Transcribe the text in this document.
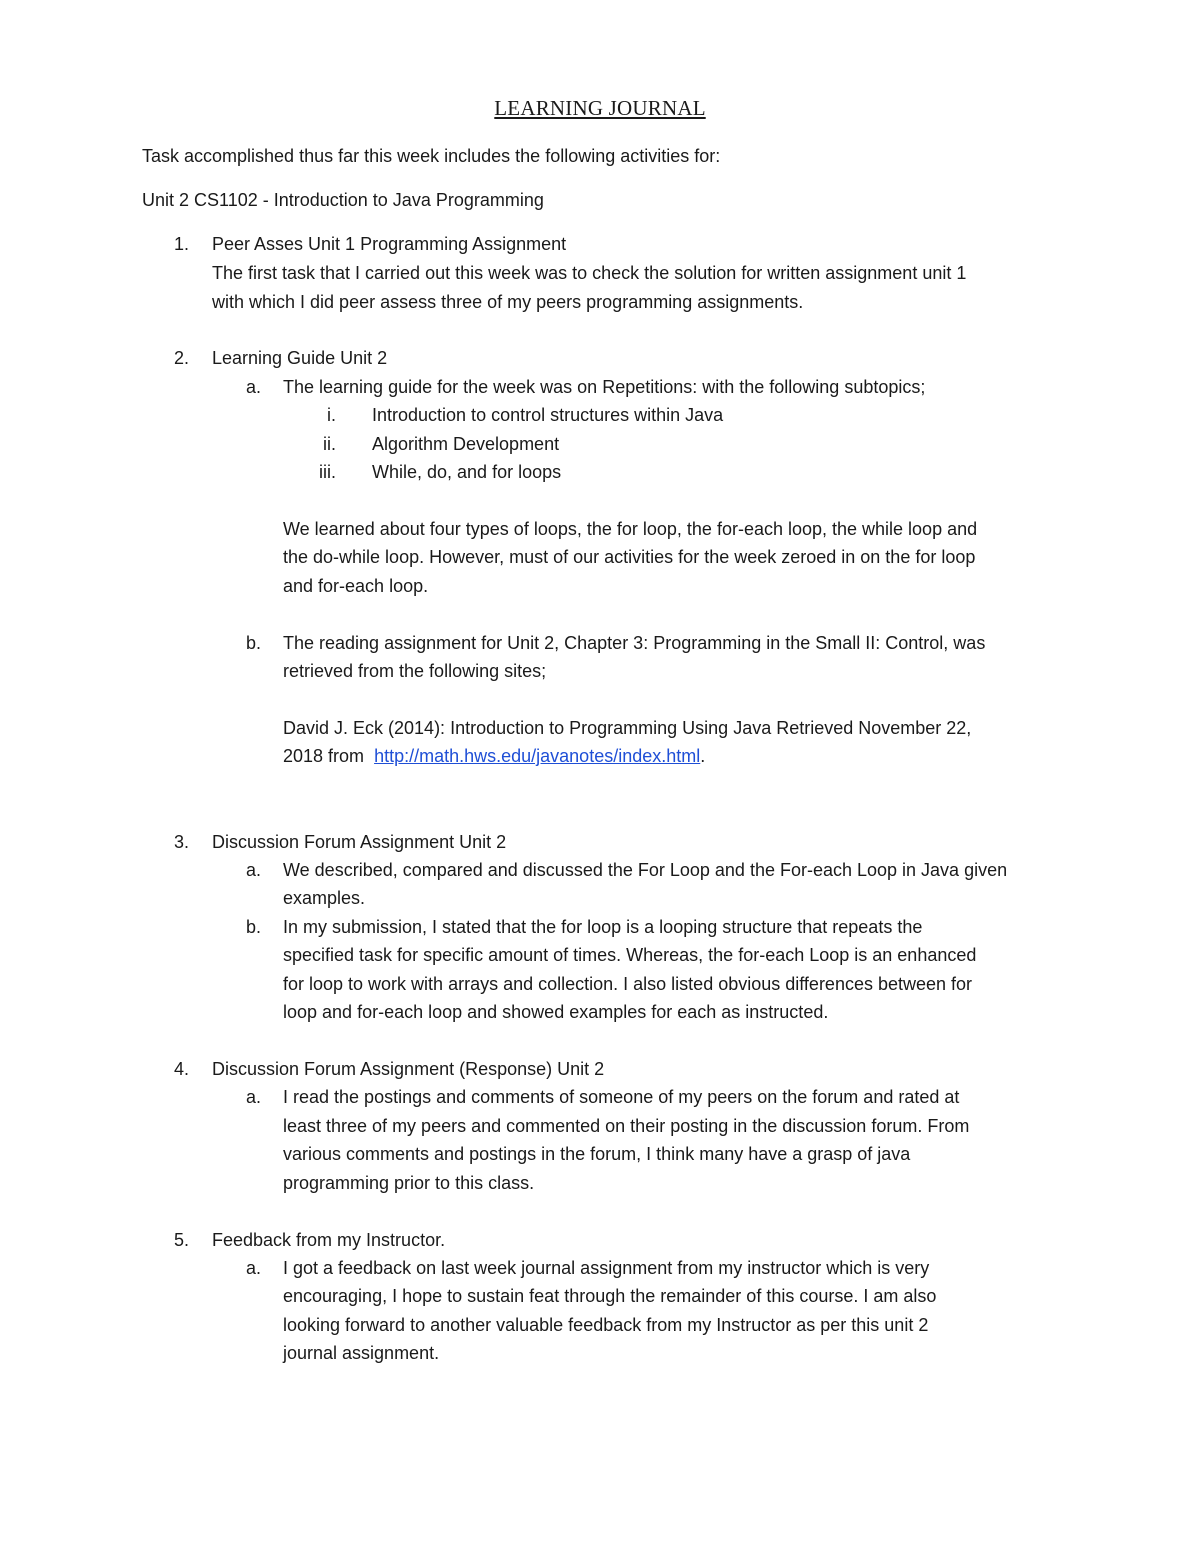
LEARNING JOURNAL
Task accomplished thus far this week includes the following activities for:
Unit 2 CS1102 - Introduction to Java Programming
1. Peer Asses Unit 1 Programming Assignment
The first task that I carried out this week was to check the solution for written assignment unit 1
with which I did peer assess three of my peers programming assignments.
2. Learning Guide Unit 2
a. The learning guide for the week was on Repetitions: with the following subtopics;
i. Introduction to control structures within Java
ii. Algorithm Development
iii. While, do, and for loops
We learned about four types of loops, the for loop, the for-each loop, the while loop and
the do-while loop. However, must of our activities for the week zeroed in on the for loop
and for-each loop.
b. The reading assignment for Unit 2, Chapter 3: Programming in the Small II: Control, was
retrieved from the following sites;
David J. Eck (2014): Introduction to Programming Using Java Retrieved November 22,
2018 from http://math.hws.edu/javanotes/index.html.
3. Discussion Forum Assignment Unit 2
a. We described, compared and discussed the For Loop and the For-each Loop in Java given
examples.
b. In my submission, I stated that the for loop is a looping structure that repeats the
specified task for specific amount of times. Whereas, the for-each Loop is an enhanced
for loop to work with arrays and collection. I also listed obvious differences between for
loop and for-each loop and showed examples for each as instructed.
4. Discussion Forum Assignment (Response) Unit 2
a. I read the postings and comments of someone of my peers on the forum and rated at
least three of my peers and commented on their posting in the discussion forum. From
various comments and postings in the forum, I think many have a grasp of java
programming prior to this class.
5. Feedback from my Instructor.
a. I got a feedback on last week journal assignment from my instructor which is very
encouraging, I hope to sustain feat through the remainder of this course. I am also
looking forward to another valuable feedback from my Instructor as per this unit 2
journal assignment.
